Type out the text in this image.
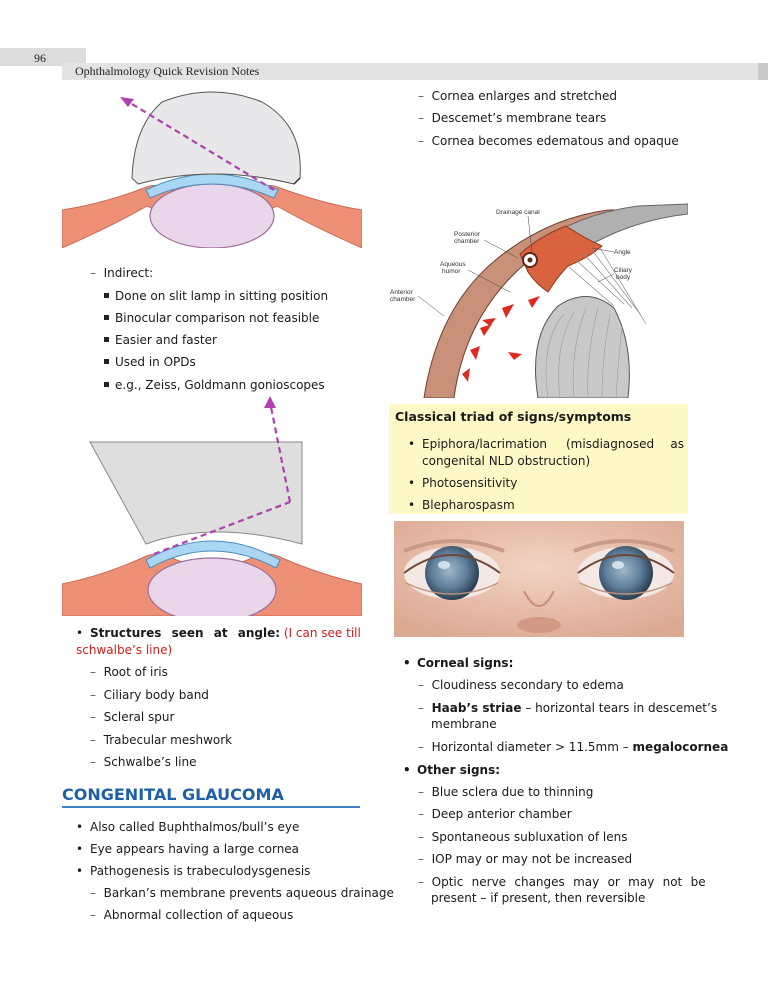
96
Ophthalmology Quick Revision Notes
– Indirect:
Done on slit lamp in sitting position
Binocular comparison not feasible
Easier and faster
Used in OPDs
e.g., Zeiss, Goldmann gonioscopes
• Structures seen at angle: (I can see till schwalbe’s line)
– Root of iris
– Ciliary body band
– Scleral spur
– Trabecular meshwork
– Schwalbe’s line
CONGENITAL GLAUCOMA
• Also called Buphthalmos/bull’s eye
• Eye appears having a large cornea
• Pathogenesis is trabeculodysgenesis
– Barkan’s membrane prevents aqueous drainage
– Abnormal collection of aqueous
– Cornea enlarges and stretched
– Descemet’s membrane tears
– Cornea becomes edematous and opaque
Drainage canal
Posterior
chamber
Aqueous
humor
Anterior
chamber
Angle
Ciliary
body
Classical triad of signs/symptoms
• Epiphora/lacrimation (misdiagnosed as
congenital NLD obstruction)
• Photosensitivity
• Blepharospasm
• Corneal signs:
– Cloudiness secondary to edema
– Haab’s striae – horizontal tears in descemet’s
membrane
– Horizontal diameter > 11.5mm – megalocornea
• Other signs:
– Blue sclera due to thinning
– Deep anterior chamber
– Spontaneous subluxation of lens
– IOP may or may not be increased
– Optic nerve changes may or may not be
present – if present, then reversible
